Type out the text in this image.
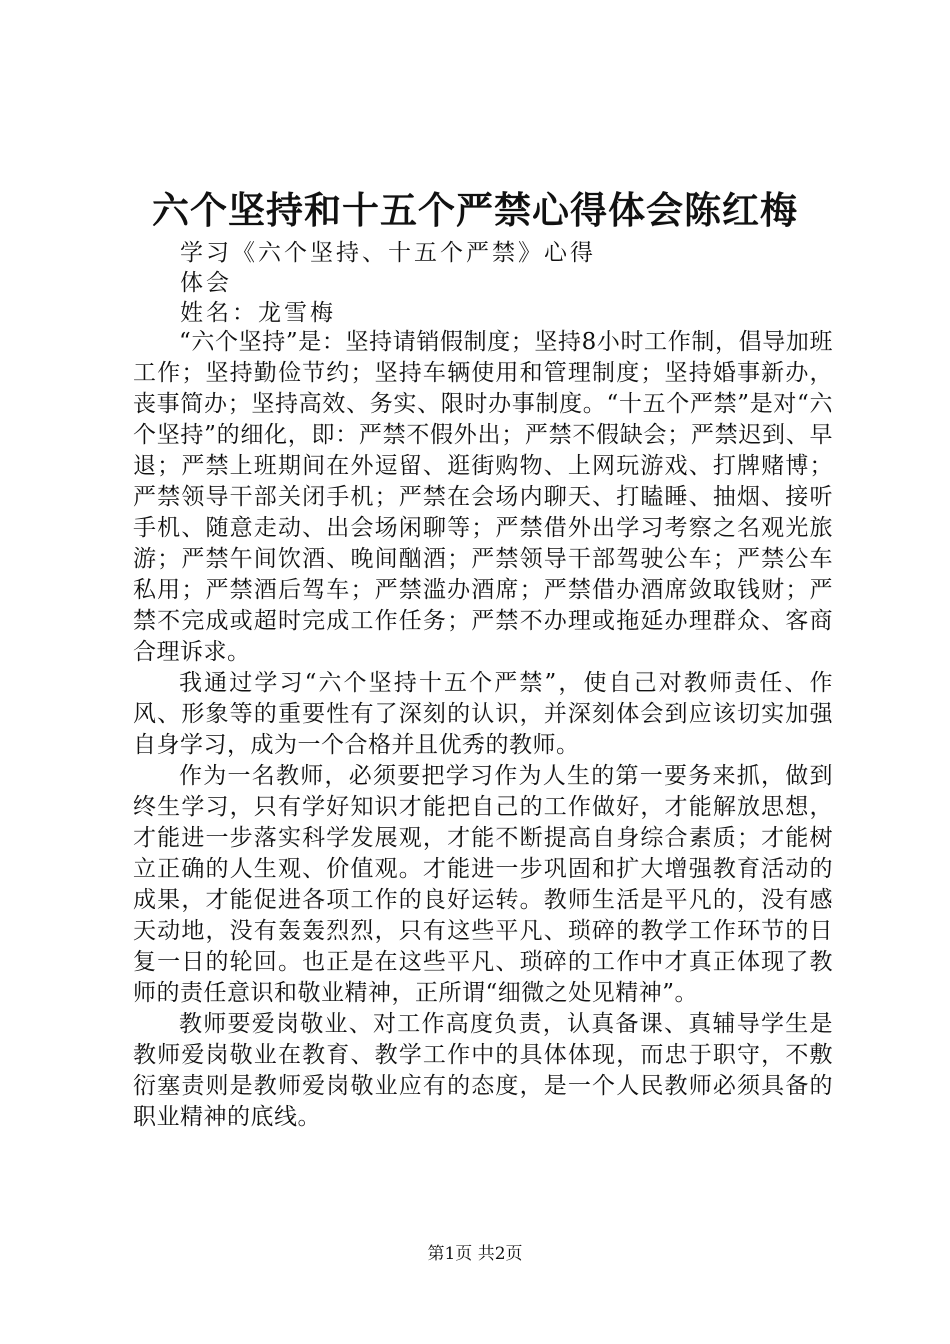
六个坚持和十五个严禁心得体会陈红梅
学习《六个坚持、十五个严禁》心得
体会
姓名：龙雪梅

“六个坚持”是：坚持请销假制度；坚持8小时工作制，倡导加班工作；坚持勤俭节约；坚持车辆使用和管理制度；坚持婚事新办，丧事简办；坚持高效、务实、限时办事制度。“十五个严禁”是对“六个坚持”的细化，即：严禁不假外出；严禁不假缺会；严禁迟到、早退；严禁上班期间在外逗留、逛街购物、上网玩游戏、打牌赌博；严禁领导干部关闭手机；严禁在会场内聊天、打瞌睡、抽烟、接听手机、随意走动、出会场闲聊等；严禁借外出学习考察之名观光旅游；严禁午间饮酒、晚间酗酒；严禁领导干部驾驶公车；严禁公车私用；严禁酒后驾车；严禁滥办酒席；严禁借办酒席敛取钱财；严禁不完成或超时完成工作任务；严禁不办理或拖延办理群众、客商合理诉求。

我通过学习“六个坚持十五个严禁”，使自己对教师责任、作风、形象等的重要性有了深刻的认识，并深刻体会到应该切实加强自身学习，成为一个合格并且优秀的教师。

作为一名教师，必须要把学习作为人生的第一要务来抓，做到终生学习，只有学好知识才能把自己的工作做好，才能解放思想，才能进一步落实科学发展观，才能不断提高自身综合素质；才能树立正确的人生观、价值观。才能进一步巩固和扩大增强教育活动的成果，才能促进各项工作的良好运转。教师生活是平凡的，没有感天动地，没有轰轰烈烈，只有这些平凡、琐碎的教学工作环节的日复一日的轮回。也正是在这些平凡、琐碎的工作中才真正体现了教师的责任意识和敬业精神，正所谓“细微之处见精神”。

教师要爱岗敬业、对工作高度负责，认真备课、真辅导学生是教师爱岗敬业在教育、教学工作中的具体体现，而忠于职守，不敷衍塞责则是教师爱岗敬业应有的态度，是一个人民教师必须具备的职业精神的底线。

第1页 共2页
